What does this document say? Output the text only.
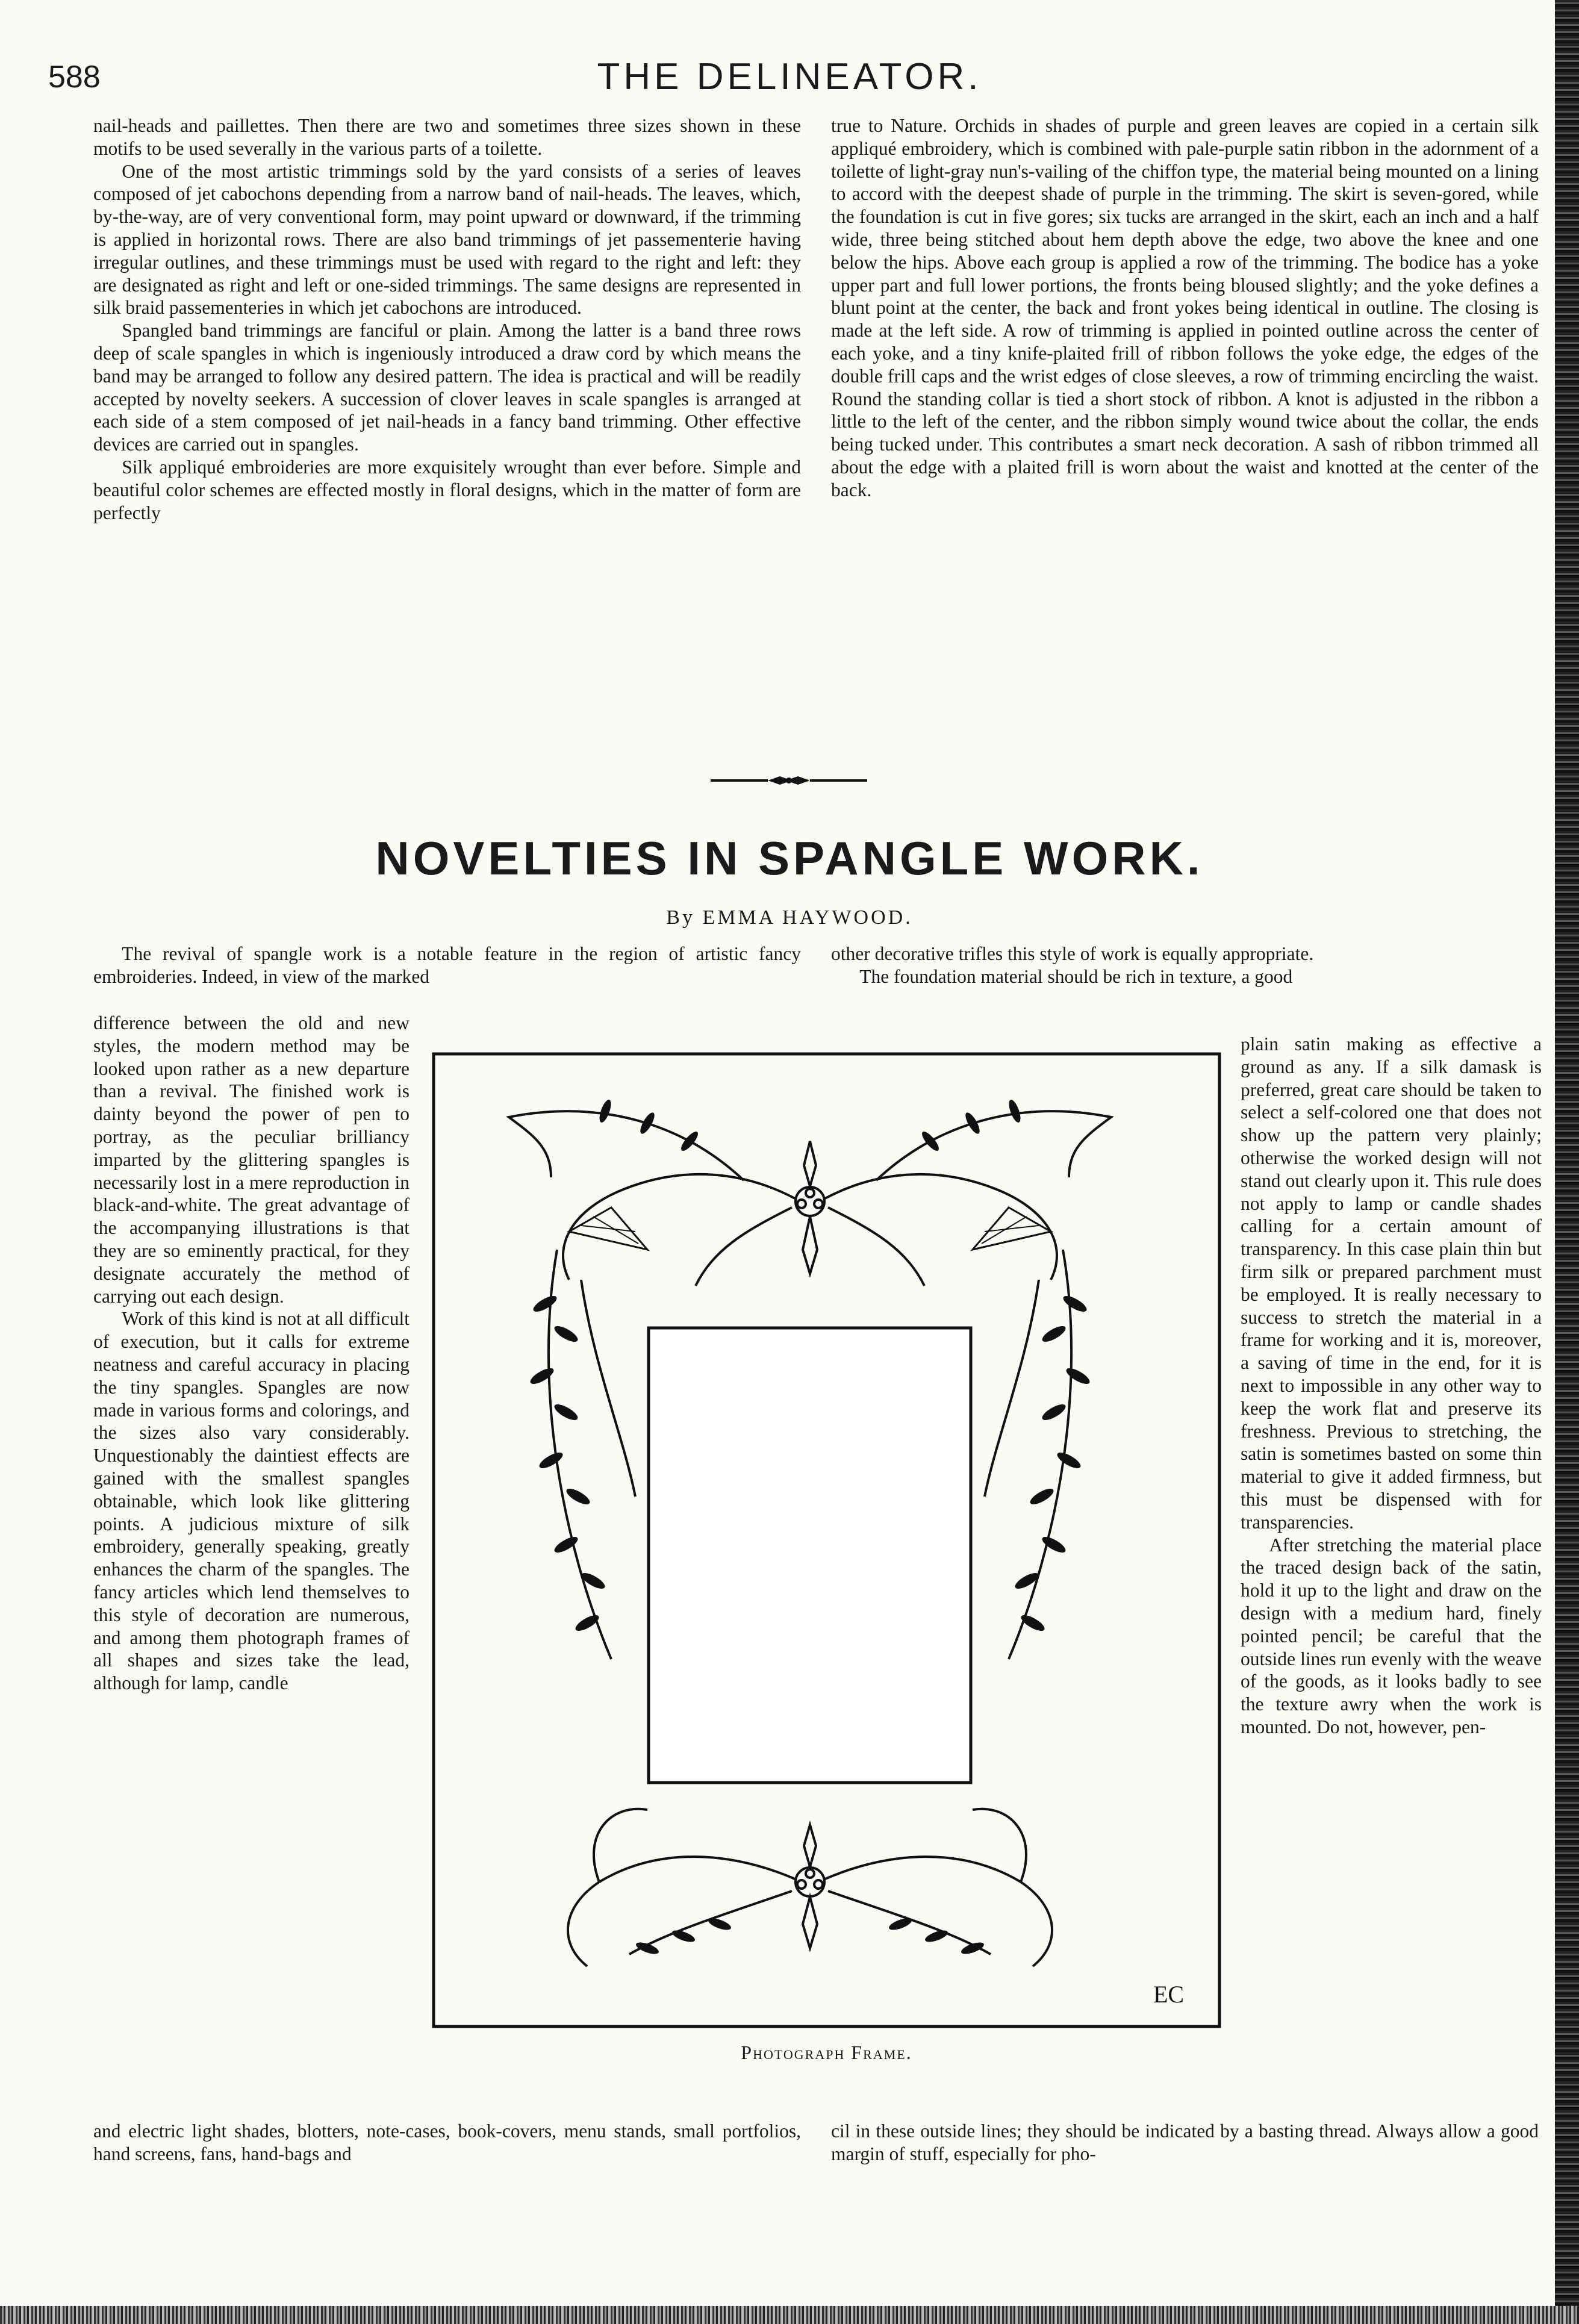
588	THE DELINEATOR.

nail-heads and paillettes. Then there are two and sometimes three sizes shown in these motifs to be used severally in the various parts of a toilette.

One of the most artistic trimmings sold by the yard consists of a series of leaves composed of jet cabochons depending from a narrow band of nail-heads. The leaves, which, by-the-way, are of very conventional form, may point upward or downward, if the trimming is applied in horizontal rows. There are also band trimmings of jet passementerie having irregular outlines, and these trimmings must be used with regard to the right and left: they are designated as right and left or one-sided trimmings. The same designs are represented in silk braid passementeries in which jet cabochons are introduced.

Spangled band trimmings are fanciful or plain. Among the latter is a band three rows deep of scale spangles in which is ingeniously introduced a draw cord by which means the band may be arranged to follow any desired pattern. The idea is practical and will be readily accepted by novelty seekers. A succession of clover leaves in scale spangles is arranged at each side of a stem composed of jet nail-heads in a fancy band trimming. Other effective devices are carried out in spangles.

Silk appliqué embroideries are more exquisitely wrought than ever before. Simple and beautiful color schemes are effected mostly in floral designs, which in the matter of form are perfectly

true to Nature. Orchids in shades of purple and green leaves are copied in a certain silk appliqué embroidery, which is combined with pale-purple satin ribbon in the adornment of a toilette of light-gray nun's-vailing of the chiffon type, the material being mounted on a lining to accord with the deepest shade of purple in the trimming. The skirt is seven-gored, while the foundation is cut in five gores; six tucks are arranged in the skirt, each an inch and a half wide, three being stitched about hem depth above the edge, two above the knee and one below the hips. Above each group is applied a row of the trimming. The bodice has a yoke upper part and full lower portions, the fronts being bloused slightly; and the yoke defines a blunt point at the center, the back and front yokes being identical in outline. The closing is made at the left side. A row of trimming is applied in pointed outline across the center of each yoke, and a tiny knife-plaited frill of ribbon follows the yoke edge, the edges of the double frill caps and the wrist edges of close sleeves, a row of trimming encircling the waist. Round the standing collar is tied a short stock of ribbon. A knot is adjusted in the ribbon a little to the left of the center, and the ribbon simply wound twice about the collar, the ends being tucked under. This contributes a smart neck decoration. A sash of ribbon trimmed all about the edge with a plaited frill is worn about the waist and knotted at the center of the back.

NOVELTIES IN SPANGLE WORK.
By EMMA HAYWOOD.

The revival of spangle work is a notable feature in the region of artistic fancy embroideries. Indeed, in view of the marked

other decorative trifles this style of work is equally appropriate.

The foundation material should be rich in texture, a good

difference between the old and new styles, the modern method may be looked upon rather as a new departure than a revival. The finished work is dainty beyond the power of pen to portray, as the peculiar brilliancy imparted by the glittering spangles is necessarily lost in a mere reproduction in black-and-white. The great advantage of the accompanying illustrations is that they are so eminently practical, for they designate accurately the method of carrying out each design.

Work of this kind is not at all difficult of execution, but it calls for extreme neatness and careful accuracy in placing the tiny spangles. Spangles are now made in various forms and colorings, and the sizes also vary considerably. Unquestionably the daintiest effects are gained with the smallest spangles obtainable, which look like glittering points. A judicious mixture of silk embroidery, generally speaking, greatly enhances the charm of the spangles. The fancy articles which lend themselves to this style of decoration are numerous, and among them photograph frames of all shapes and sizes take the lead, although for lamp, candle

plain satin making as effective a ground as any. If a silk damask is preferred, great care should be taken to select a self-colored one that does not show up the pattern very plainly; otherwise the worked design will not stand out clearly upon it. This rule does not apply to lamp or candle shades calling for a certain amount of transparency. In this case plain thin but firm silk or prepared parchment must be employed. It is really necessary to success to stretch the material in a frame for working and it is, moreover, a saving of time in the end, for it is next to impossible in any other way to keep the work flat and preserve its freshness. Previous to stretching, the satin is sometimes basted on some thin material to give it added firmness, but this must be dispensed with for transparencies.

After stretching the material place the traced design back of the satin, hold it up to the light and draw on the design with a medium hard, finely pointed pencil; be careful that the outside lines run evenly with the weave of the goods, as it looks badly to see the texture awry when the work is mounted. Do not, however, pen-

EC
Photograph Frame.

and electric light shades, blotters, note-cases, book-covers, menu stands, small portfolios, hand screens, fans, hand-bags and

cil in these outside lines; they should be indicated by a basting thread. Always allow a good margin of stuff, especially for pho-
